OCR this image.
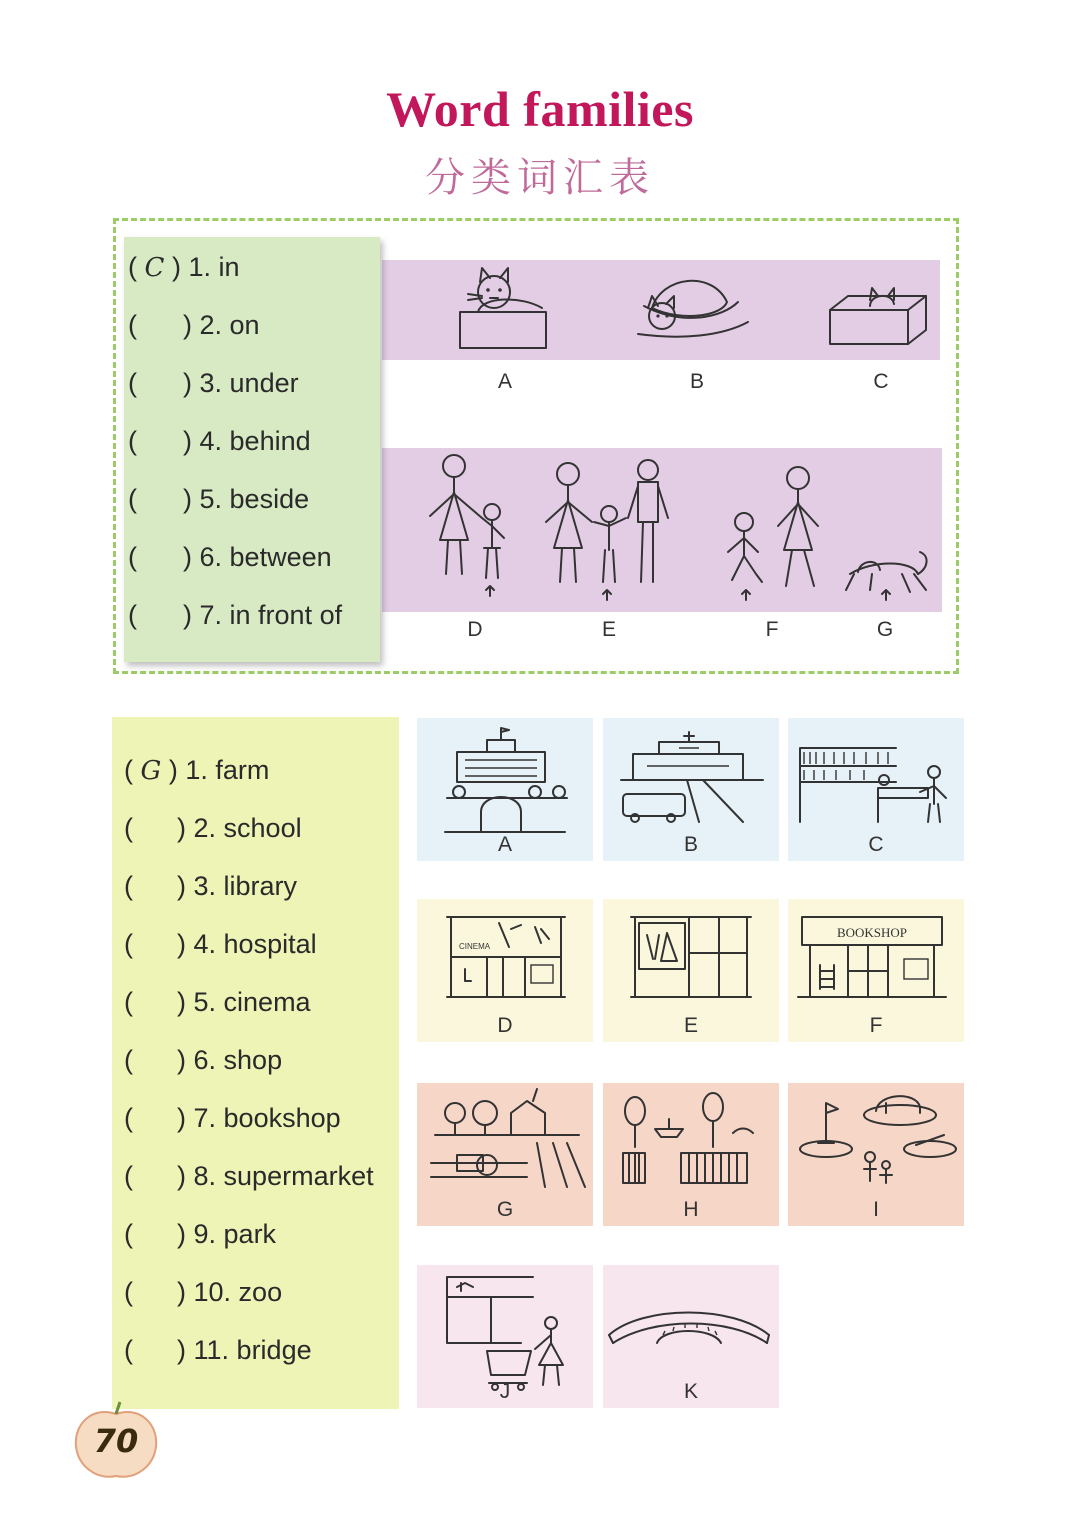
Word families
分类词汇表
( C ) 1. in
( ) 2. on
( ) 3. under
( ) 4. behind
( ) 5. beside
( ) 6. between
( ) 7. in front of
A	B	C
D	E	F	G
( G ) 1. farm
( ) 2. school
( ) 3. library
( ) 4. hospital
( ) 5. cinema
( ) 6. shop
( ) 7. bookshop
( ) 8. supermarket
( ) 9. park
( ) 10. zoo
( ) 11. bridge
A	B	C
CINEMA
D	E
BOOKSHOP
F
G	H	I
J	K
70
